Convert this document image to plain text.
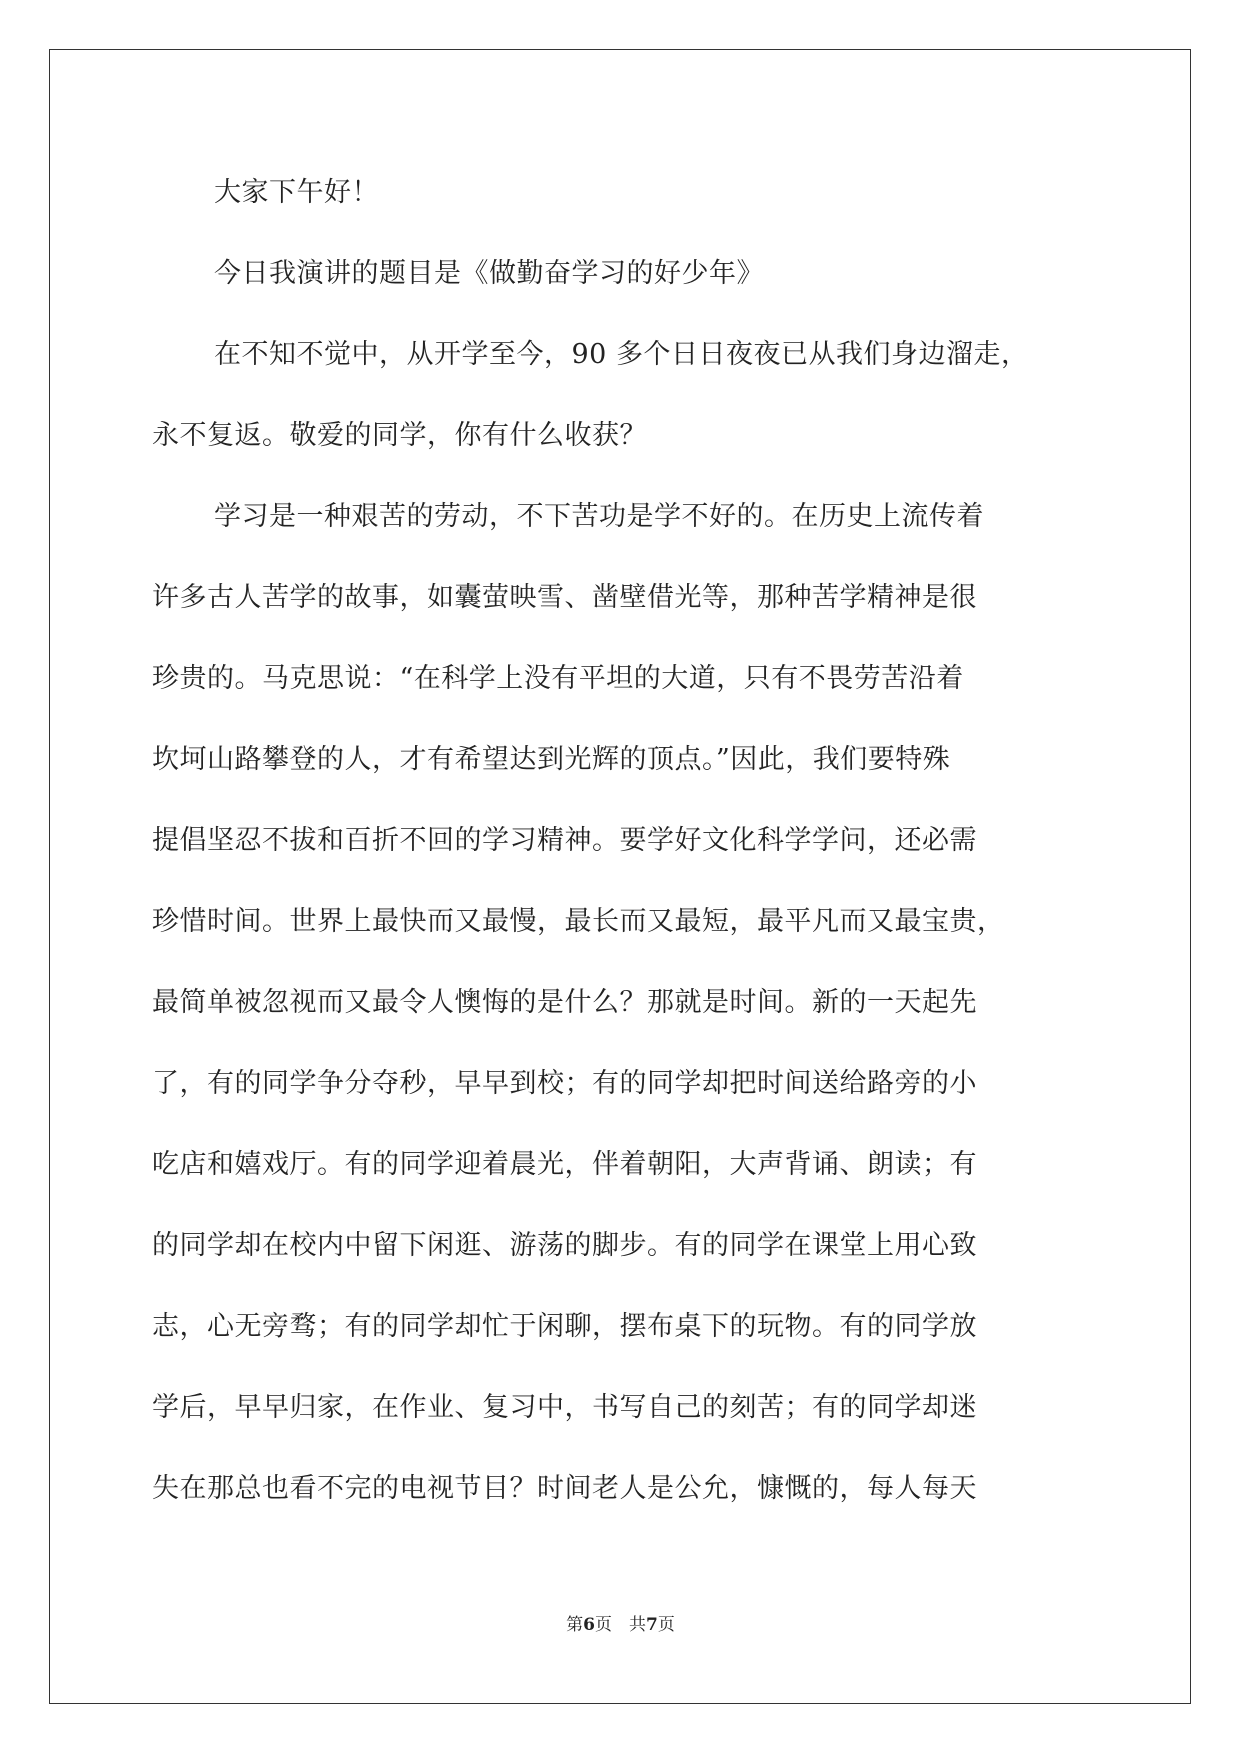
大家下午好！
今日我演讲的题目是《做勤奋学习的好少年》
在不知不觉中，从开学至今，90 多个日日夜夜已从我们身边溜走，
永不复返。敬爱的同学，你有什么收获？
学习是一种艰苦的劳动，不下苦功是学不好的。在历史上流传着
许多古人苦学的故事，如囊萤映雪、凿壁借光等，那种苦学精神是很
珍贵的。马克思说：“在科学上没有平坦的大道，只有不畏劳苦沿着
坎坷山路攀登的人，才有希望达到光辉的顶点。”因此，我们要特殊
提倡坚忍不拔和百折不回的学习精神。要学好文化科学学问，还必需
珍惜时间。世界上最快而又最慢，最长而又最短，最平凡而又最宝贵，
最简单被忽视而又最令人懊悔的是什么？那就是时间。新的一天起先
了，有的同学争分夺秒，早早到校；有的同学却把时间送给路旁的小
吃店和嬉戏厅。有的同学迎着晨光，伴着朝阳，大声背诵、朗读；有
的同学却在校内中留下闲逛、游荡的脚步。有的同学在课堂上用心致
志，心无旁骛；有的同学却忙于闲聊，摆布桌下的玩物。有的同学放
学后，早早归家，在作业、复习中，书写自己的刻苦；有的同学却迷
失在那总也看不完的电视节目？时间老人是公允，慷慨的，每人每天
第6页　共7页
